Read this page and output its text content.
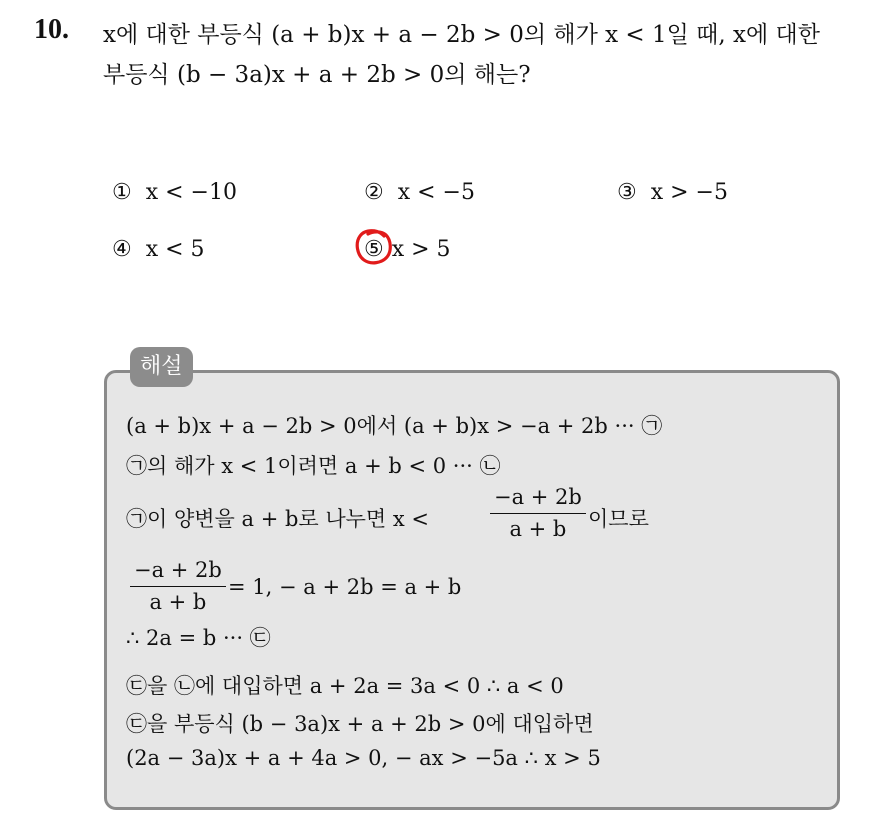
10. x에 대한 부등식 (a + b)x + a − 2b > 0의 해가 x < 1일 때, x에 대한
부등식 (b − 3a)x + a + 2b > 0의 해는?
① x < −10	② x < −5	③ x > −5
④ x < 5	⑤ x > 5
해설
(a + b)x + a − 2b > 0에서 (a + b)x > −a + 2b ··· ㉠
㉠의 해가 x < 1이려면 a + b < 0 ··· ㉡
㉠이 양변을 a + b로 나누면 x <	$\frac{-a + 2b}{a + b}$ 이므로
$\frac{-a + 2b}{a + b} = 1$, − a + 2b = a + b
∴ 2a = b ··· ㉢
㉢을 ㉡에 대입하면 a + 2a = 3a < 0 ∴ a < 0
㉢을 부등식 (b − 3a)x + a + 2b > 0에 대입하면
(2a − 3a)x + a + 4a > 0, − ax > −5a ∴ x > 5
